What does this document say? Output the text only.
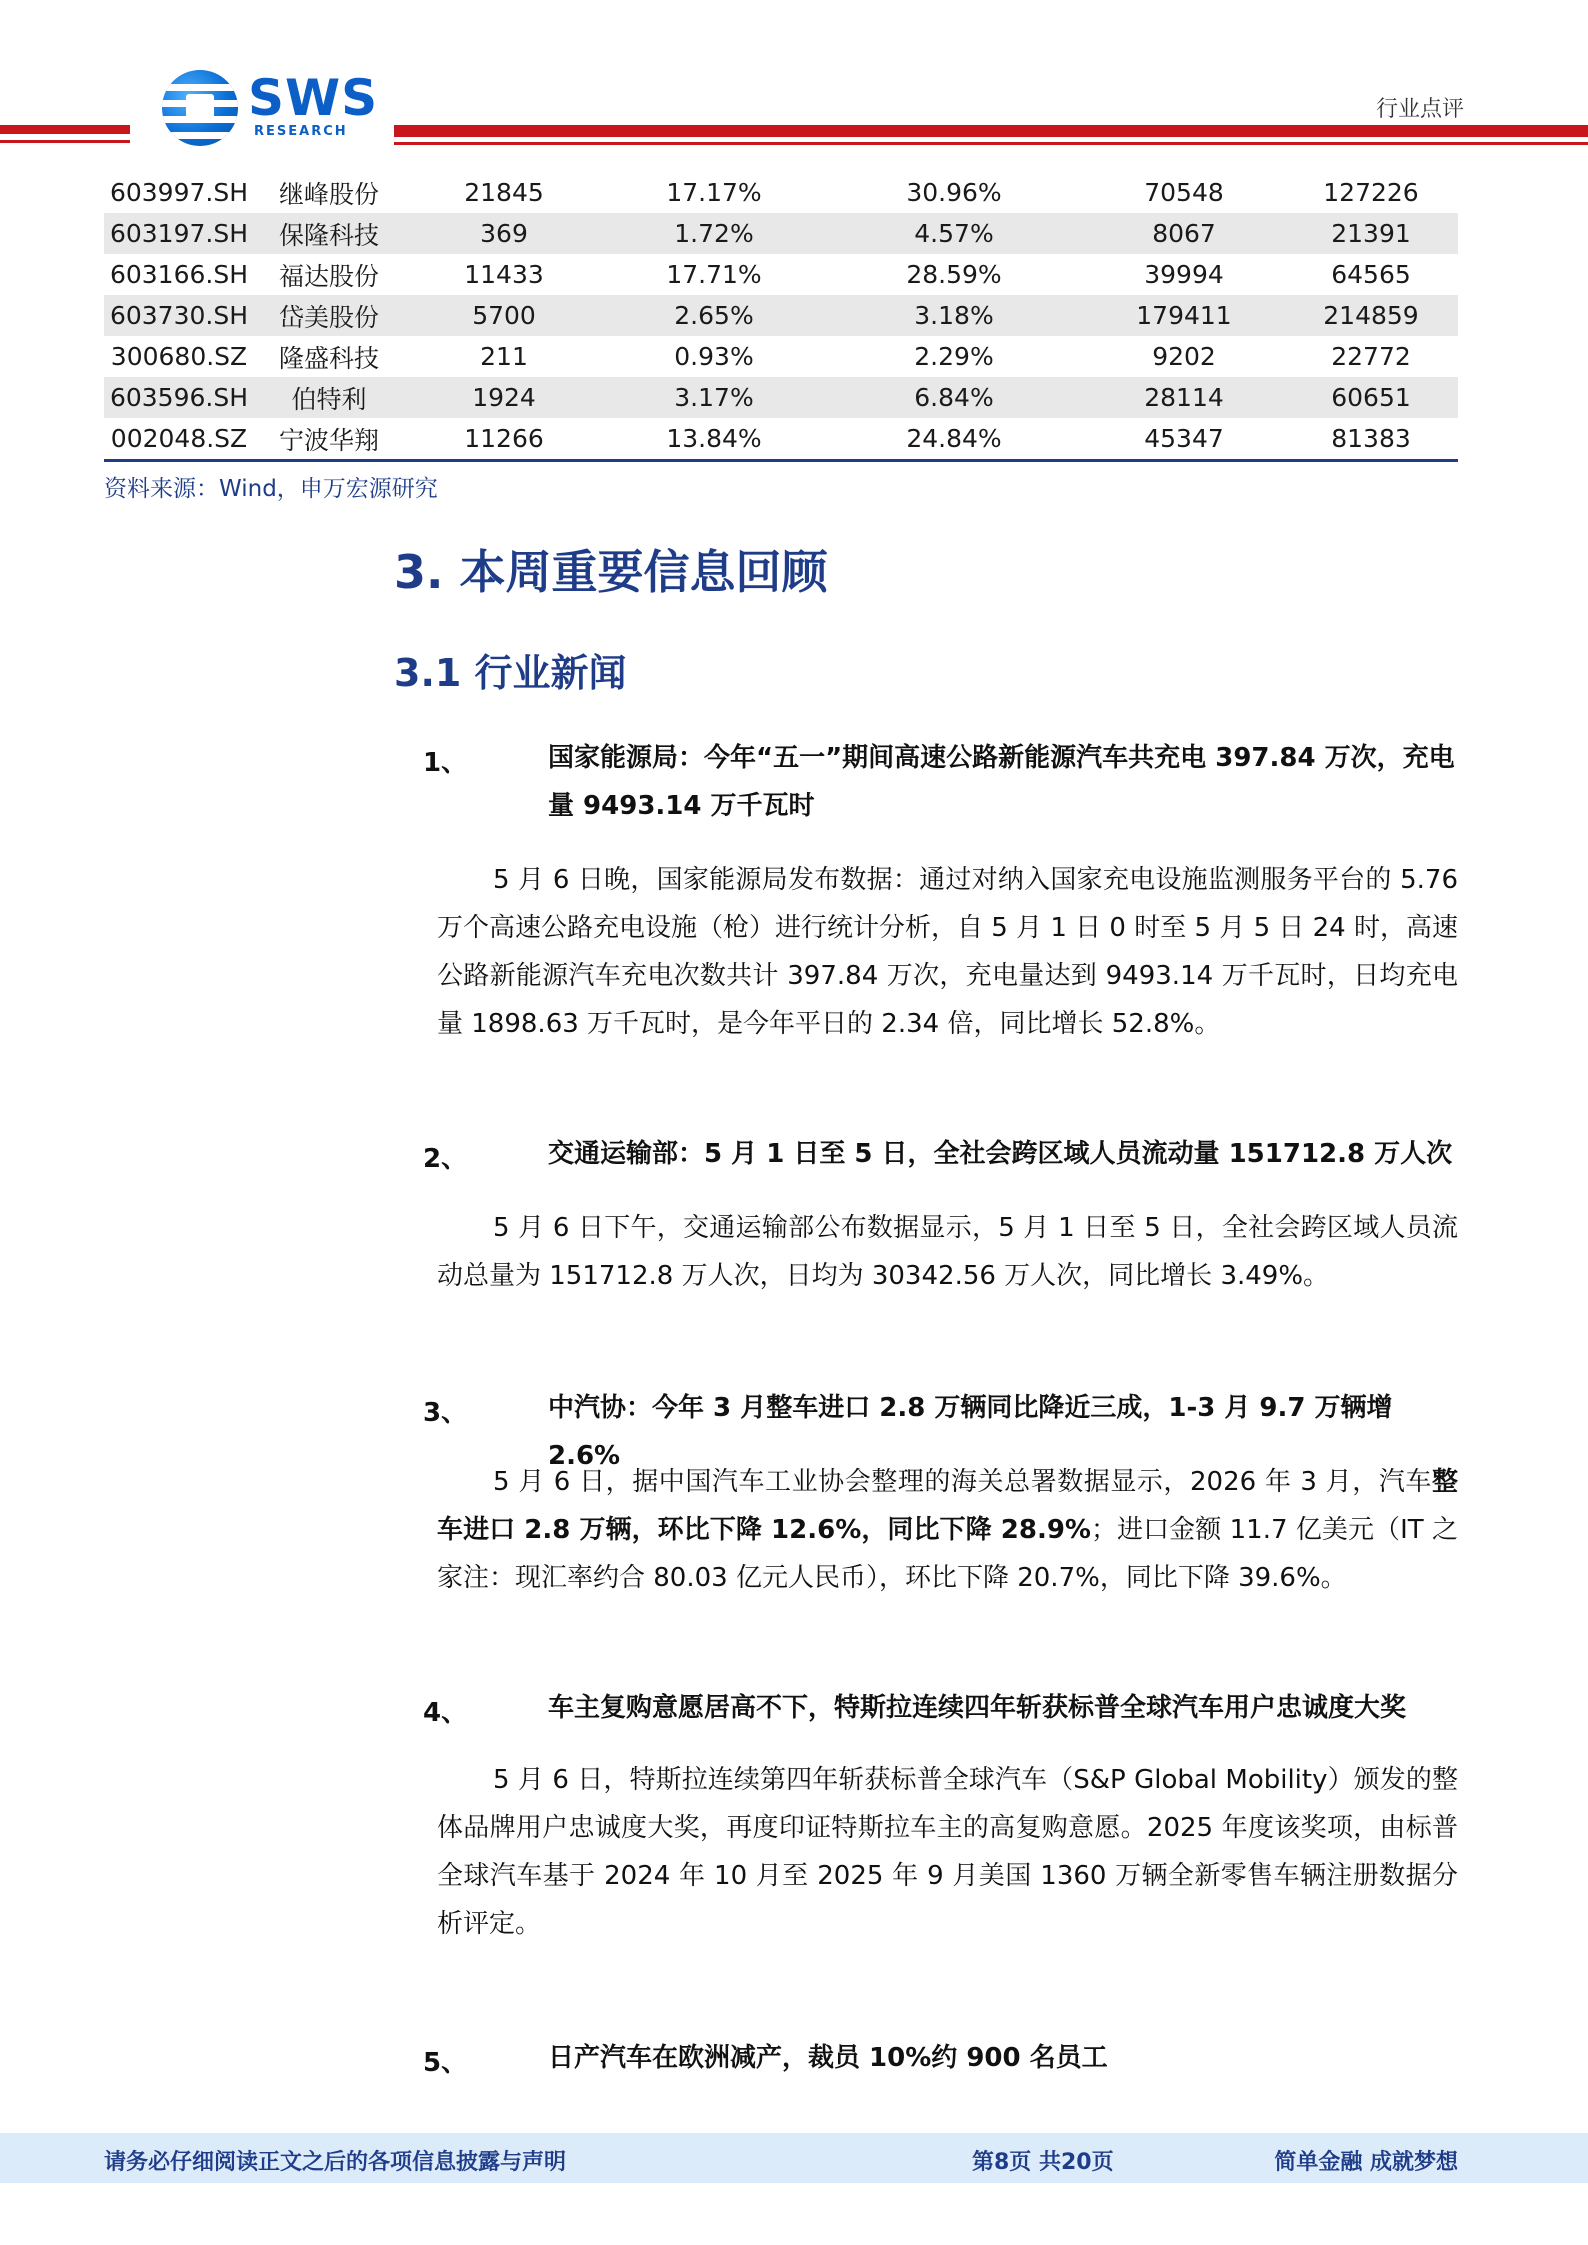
SWS
RESEARCH
行业点评
603997.SH	继峰股份	21845	17.17%	30.96%	70548	127226
603197.SH	保隆科技	369	1.72%	4.57%	8067	21391
603166.SH	福达股份	11433	17.71%	28.59%	39994	64565
603730.SH	岱美股份	5700	2.65%	3.18%	179411	214859
300680.SZ	隆盛科技	211	0.93%	2.29%	9202	22772
603596.SH	伯特利	1924	3.17%	6.84%	28114	60651
002048.SZ	宁波华翔	11266	13.84%	24.84%	45347	81383
资料来源：Wind，申万宏源研究
3. 本周重要信息回顾
3.1 行业新闻
1、	国家能源局：今年“五一”期间高速公路新能源汽车共充电 397.84 万次，充电量 9493.14 万千瓦时
5 月 6 日晚，国家能源局发布数据：通过对纳入国家充电设施监测服务平台的 5.76 万个高速公路充电设施（枪）进行统计分析，自 5 月 1 日 0 时至 5 月 5 日 24 时，高速公路新能源汽车充电次数共计 397.84 万次，充电量达到 9493.14 万千瓦时，日均充电量 1898.63 万千瓦时，是今年平日的 2.34 倍，同比增长 52.8%。
2、	交通运输部：5 月 1 日至 5 日，全社会跨区域人员流动量 151712.8 万人次
5 月 6 日下午，交通运输部公布数据显示，5 月 1 日至 5 日，全社会跨区域人员流动总量为 151712.8 万人次，日均为 30342.56 万人次，同比增长 3.49%。
3、	中汽协：今年 3 月整车进口 2.8 万辆同比降近三成，1-3 月 9.7 万辆增 2.6%
5 月 6 日，据中国汽车工业协会整理的海关总署数据显示，2026 年 3 月，汽车整车进口 2.8 万辆，环比下降 12.6%，同比下降 28.9%；进口金额 11.7 亿美元（IT 之家注：现汇率约合 80.03 亿元人民币），环比下降 20.7%，同比下降 39.6%。
4、	车主复购意愿居高不下，特斯拉连续四年斩获标普全球汽车用户忠诚度大奖
5 月 6 日，特斯拉连续第四年斩获标普全球汽车（S&P Global Mobility）颁发的整体品牌用户忠诚度大奖，再度印证特斯拉车主的高复购意愿。2025 年度该奖项，由标普全球汽车基于 2024 年 10 月至 2025 年 9 月美国 1360 万辆全新零售车辆注册数据分析评定。
5、	日产汽车在欧洲减产，裁员 10%约 900 名员工
请务必仔细阅读正文之后的各项信息披露与声明	第8页 共20页	简单金融 成就梦想
